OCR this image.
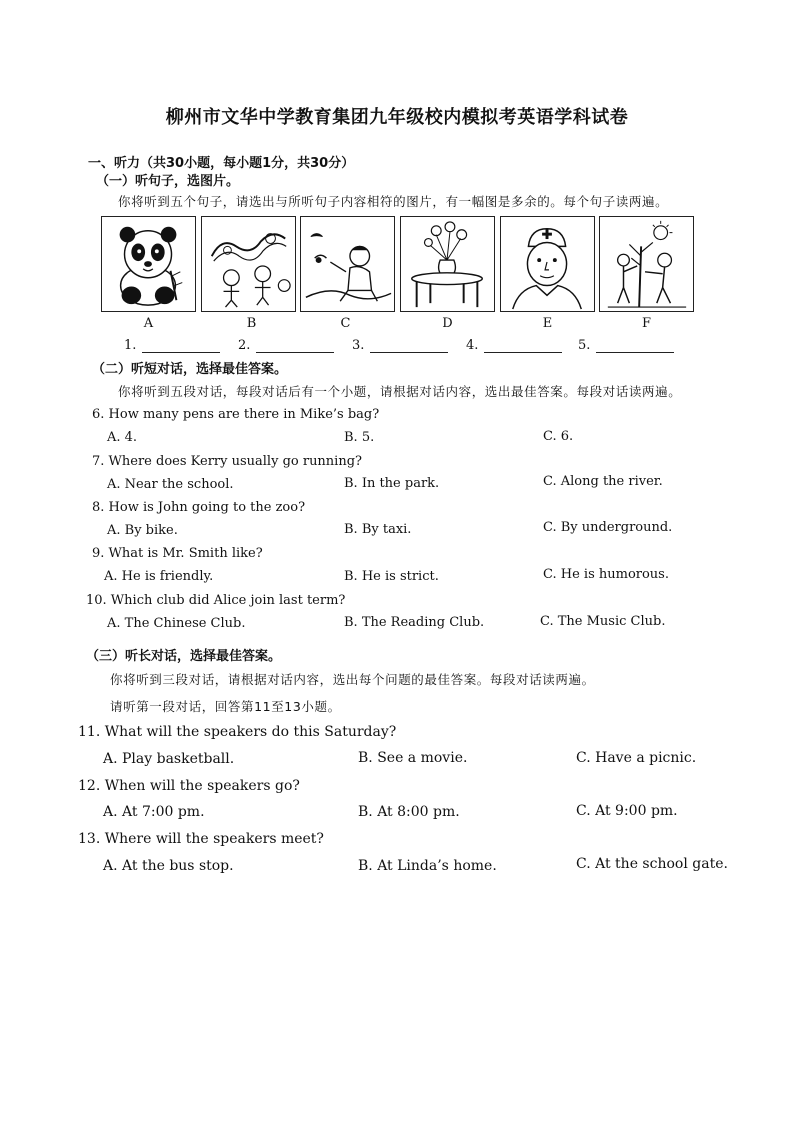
柳州市文华中学教育集团九年级校内模拟考英语学科试卷
一、听力（共30小题，每小题1分，共30分）
（一）听句子，选图片。
你将听到五个句子，请选出与所听句子内容相符的图片，有一幅图是多余的。每个句子读两遍。
A	B	C	D	E	F
1.	2.	3.	4.	5.
（二）听短对话，选择最佳答案。
你将听到五段对话，每段对话后有一个小题，请根据对话内容，选出最佳答案。每段对话读两遍。
6. How many pens are there in Mike’s bag?
A. 4.	B. 5.	C. 6.
7. Where does Kerry usually go running?
A. Near the school.	B. In the park.	C. Along the river.
8. How is John going to the zoo?
A. By bike.	B. By taxi.	C. By underground.
9. What is Mr. Smith like?
A. He is friendly.	B. He is strict.	C. He is humorous.
10. Which club did Alice join last term?
A. The Chinese Club.	B. The Reading Club.	C. The Music Club.
（三）听长对话，选择最佳答案。
你将听到三段对话，请根据对话内容，选出每个问题的最佳答案。每段对话读两遍。
请听第一段对话，回答第11至13小题。
11. What will the speakers do this Saturday?
A. Play basketball.	B. See a movie.	C. Have a picnic.
12. When will the speakers go?
A. At 7:00 pm.	B. At 8:00 pm.	C. At 9:00 pm.
13. Where will the speakers meet?
A. At the bus stop.	B. At Linda’s home.	C. At the school gate.
